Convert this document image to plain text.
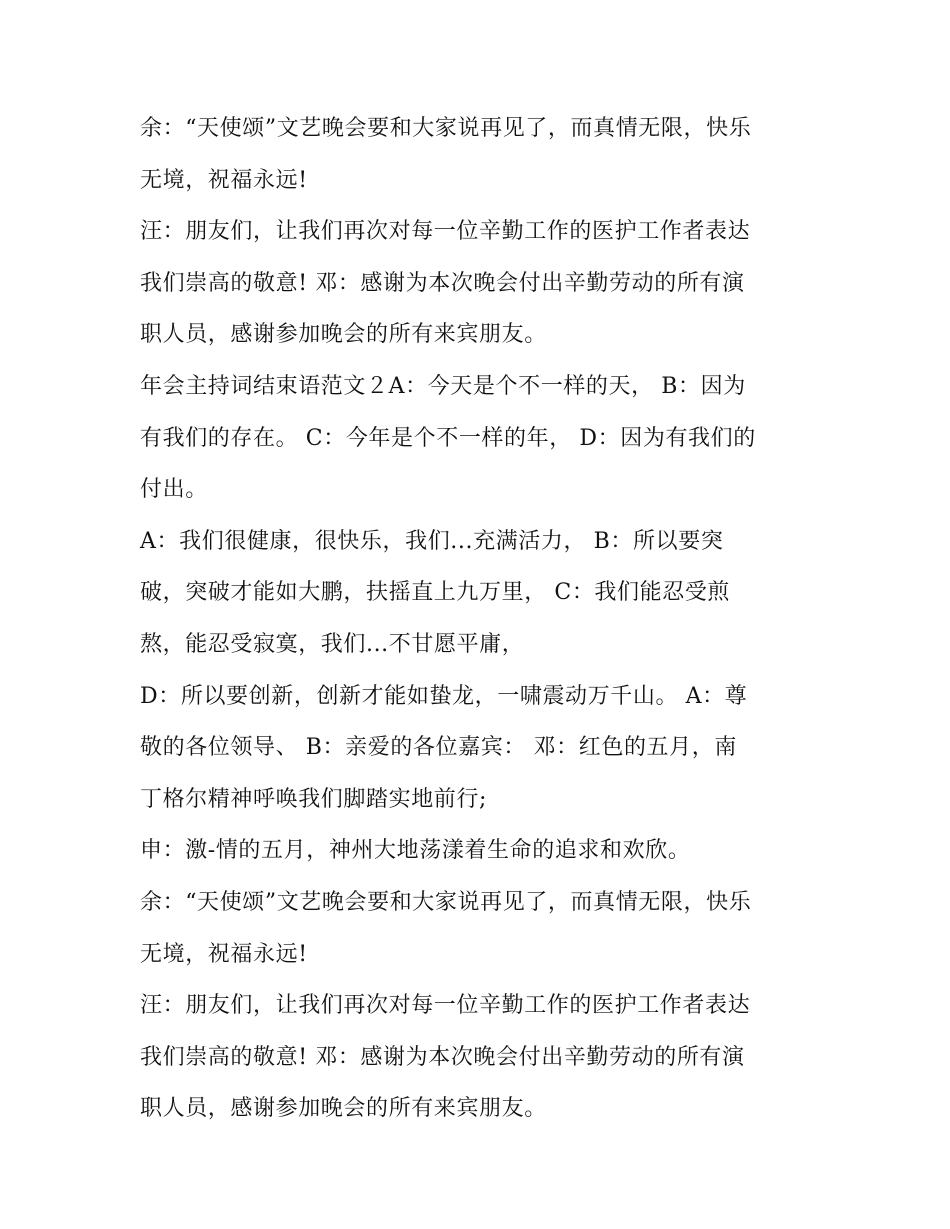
余：“天使颂”文艺晚会要和大家说再见了，而真情无限，快乐
无境，祝福永远!
汪：朋友们，让我们再次对每一位辛勤工作的医护工作者表达
我们崇高的敬意! 邓：感谢为本次晚会付出辛勤劳动的所有演
职人员，感谢参加晚会的所有来宾朋友。
年会主持词结束语范文２A：今天是个不一样的天， B：因为
有我们的存在。 C：今年是个不一样的年， D：因为有我们的
付出。
A：我们很健康，很快乐，我们...充满活力， B：所以要突
破，突破才能如大鹏，扶摇直上九万里， C：我们能忍受煎
熬，能忍受寂寞，我们...不甘愿平庸，
D：所以要创新，创新才能如蛰龙，一啸震动万千山。 A：尊
敬的各位领导、 B：亲爱的各位嘉宾： 邓：红色的五月，南
丁格尔精神呼唤我们脚踏实地前行;
申：激-情的五月，神州大地荡漾着生命的追求和欢欣。
余：“天使颂”文艺晚会要和大家说再见了，而真情无限，快乐
无境，祝福永远!
汪：朋友们，让我们再次对每一位辛勤工作的医护工作者表达
我们崇高的敬意! 邓：感谢为本次晚会付出辛勤劳动的所有演
职人员，感谢参加晚会的所有来宾朋友。
